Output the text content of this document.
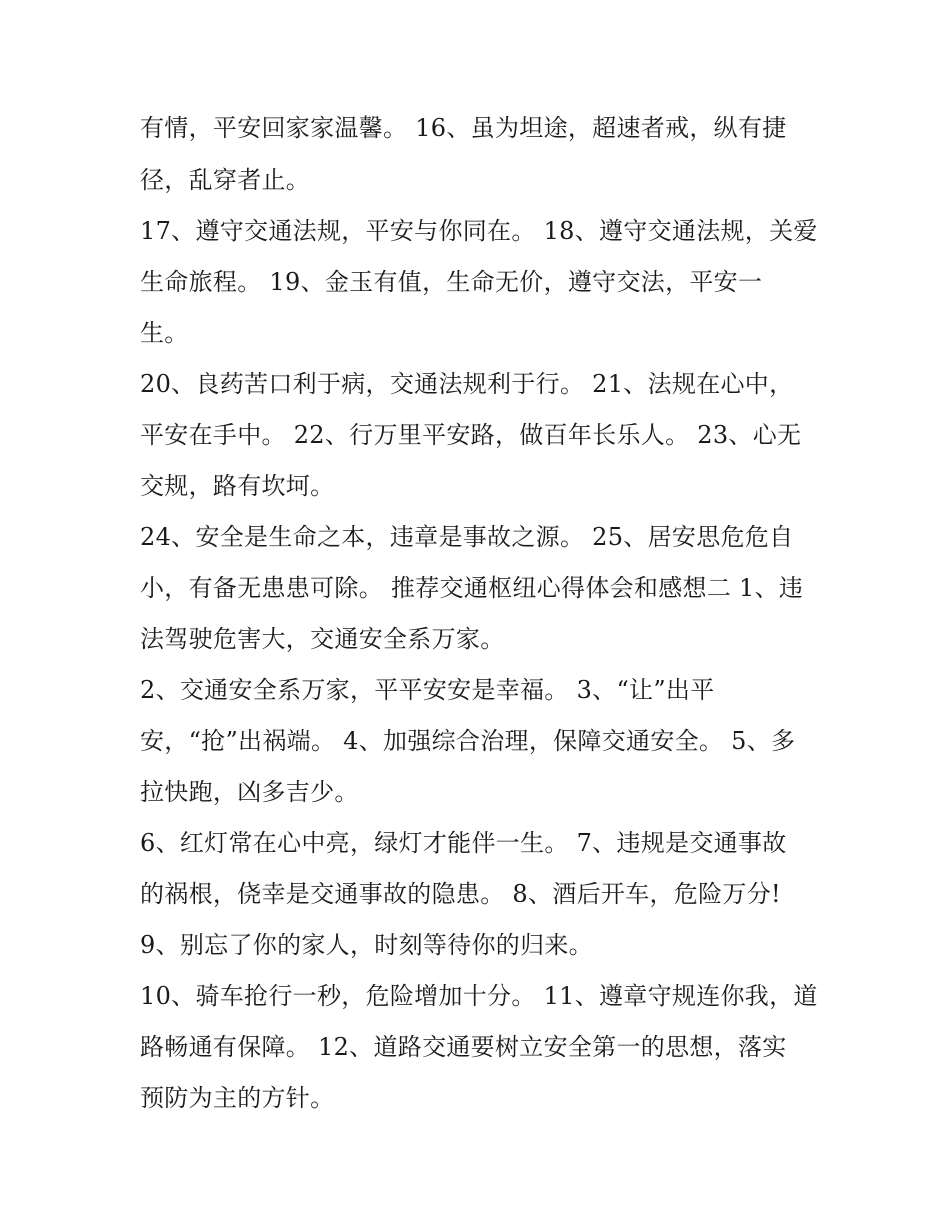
有情，平安回家家温馨。 16、虽为坦途，超速者戒，纵有捷
径，乱穿者止。
17、遵守交通法规，平安与你同在。 18、遵守交通法规，关爱
生命旅程。 19、金玉有值，生命无价，遵守交法，平安一
生。
20、良药苦口利于病，交通法规利于行。 21、法规在心中，
平安在手中。 22、行万里平安路，做百年长乐人。 23、心无
交规，路有坎坷。
24、安全是生命之本，违章是事故之源。 25、居安思危危自
小，有备无患患可除。 推荐交通枢纽心得体会和感想二 1、违
法驾驶危害大，交通安全系万家。
2、交通安全系万家，平平安安是幸福。 3、“让”出平
安，“抢”出祸端。 4、加强综合治理，保障交通安全。 5、多
拉快跑，凶多吉少。
6、红灯常在心中亮，绿灯才能伴一生。 7、违规是交通事故
的祸根，侥幸是交通事故的隐患。 8、酒后开车，危险万分!
9、别忘了你的家人，时刻等待你的归来。
10、骑车抢行一秒，危险增加十分。 11、遵章守规连你我，道
路畅通有保障。 12、道路交通要树立安全第一的思想，落实
预防为主的方针。
